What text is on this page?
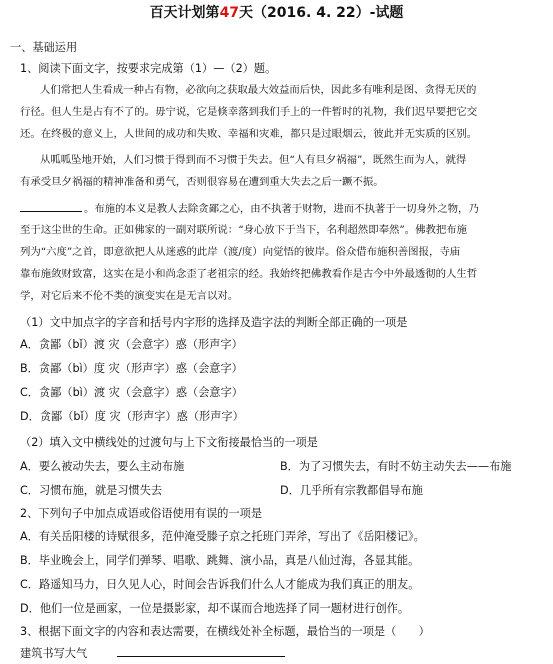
百天计划第47天（2016. 4. 22）-试题
一、基础运用
1、阅读下面文字，按要求完成第（1）—（2）题。
人们常把人生看成一种占有物，必欲向之获取最大效益而后快，因此多有唯利是图、贪得无厌的
行径。但人生是占有不了的。毋宁说，它是倏幸落到我们手上的一件暂时的礼物，我们迟早要把它交
还。在终极的意义上，人世间的成功和失败、幸福和灾难，都只是过眼烟云，彼此并无实质的区别。
从呱呱坠地开始，人们习惯于得到而不习惯于失去。但“人有旦夕祸福”，既然生而为人，就得
有承受旦夕祸福的精神准备和勇气，否则很容易在遭到重大失去之后一蹶不振。
。布施的本义是教人去除贪鄙之心，由不执著于财物，进而不执著于一切身外之物，乃
至于这尘世的生命。正如佛家的一副对联所说：“身心放下于当下，名利超然即奉然”。佛教把布施
列为“六度”之首，即意欲把人从迷惑的此岸（渡/度）向觉悟的彼岸。俗众借布施积善图报，寺庙
靠布施敛财致富，这实在是小和尚念歪了老祖宗的经。我始终把佛教看作是古今中外最透彻的人生哲
学，对它后来不伦不类的演变实在是无言以对。
（1）文中加点字的字音和括号内字形的选择及造字法的判断全部正确的一项是
A．贪鄙（bǐ）渡 灾（会意字）惑（形声字）
B．贪鄙（bì）度 灾（形声字）惑（会意字）
C．贪鄙（bì）渡 灾（会意字）惑（会意字）
D．贪鄙（bǐ）度 灾（形声字）惑（形声字）
（2）填入文中横线处的过渡句与上下文衔接最恰当的一项是
A．要么被动失去，要么主动布施	B．为了习惯失去，有时不妨主动失去——布施
C．习惯布施，就是习惯失去	D．几乎所有宗教都倡导布施
2、下列句子中加点成语或俗语使用有误的一项是
A．有关岳阳楼的诗赋很多，范仲淹受滕子京之托班门弄斧，写出了《岳阳楼记》。
B．毕业晚会上，同学们弹琴、唱歌、跳舞、演小品，真是八仙过海，各显其能。
C．路遥知马力，日久见人心，时间会告诉我们什么人才能成为我们真正的朋友。
D．他们一位是画家，一位是摄影家，却不谋而合地选择了同一题材进行创作。
3、根据下面文字的内容和表达需要，在横线处补全标题，最恰当的一项是（　　）
建筑书写大气
